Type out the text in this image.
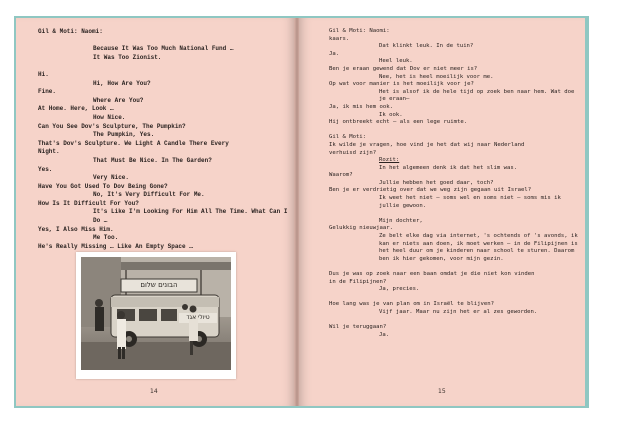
Gil & Moti: Naomi:
Because It Was Too Much National Fund …
It Was Too Zionist.
Hi.
Hi, How Are You?
Fine.
Where Are You?
At Home. Here, Look …
How Nice.
Can You See Dov's Sculpture, The Pumpkin?
The Pumpkin, Yes.
That's Dov's Sculpture. We Light A Candle There Every
Night.
That Must Be Nice. In The Garden?
Yes.
Very Nice.
Have You Got Used To Dov Being Gone?
No, It's Very Difficult For Me.
How Is It Difficult For You?
It's Like I'm Looking For Him All The Time. What Can I
Do …
Yes, I Also Miss Him.
Me Too.
He's Really Missing … Like An Empty Space …
הבונים שלום
טיולי אגד
14
Gil & Moti: Naomi:
kaars.
Dat klinkt leuk. In de tuin?
Ja.
Heel leuk.
Ben je eraan gewend dat Dov er niet meer is?
Nee, het is heel moeilijk voor me.
Op wat voor manier is het moeilijk voor je?
Het is alsof ik de hele tijd op zoek ben naar hem. Wat doe
je eraan–
Ja, ik mis hem ook.
Ik ook.
Hij ontbreekt echt — als een lege ruimte.
Gil & Moti:
Ik wilde je vragen, hoe vind je het dat wij naar Nederland
verhuisd zijn?
Rozit:
In het algemeen denk ik dat het slim was.
Waarom?
Jullie hebben het goed daar, toch?
Ben je er verdrietig over dat we weg zijn gegaan uit Israel?
Ik weet het niet — soms wel en soms niet — soms mis ik
jullie gewoon.
Mijn dochter,
Gelukkig nieuwjaar.
Ze belt elke dag via internet, 's ochtends of 's avonds, ik
kan er niets aan doen, ik moet werken — in de Filipijnen is
het heel duur om je kinderen naar school te sturen. Daarom
ben ik hier gekomen, voor mijn gezin.
Dus je was op zoek naar een baan omdat je die niet kon vinden
in de Filipijnen?
Ja, precies.
Hoe lang was je van plan om in Israël te blijven?
Vijf jaar. Maar nu zijn het er al zes geworden.
Wil je teruggaan?
Ja.
15
